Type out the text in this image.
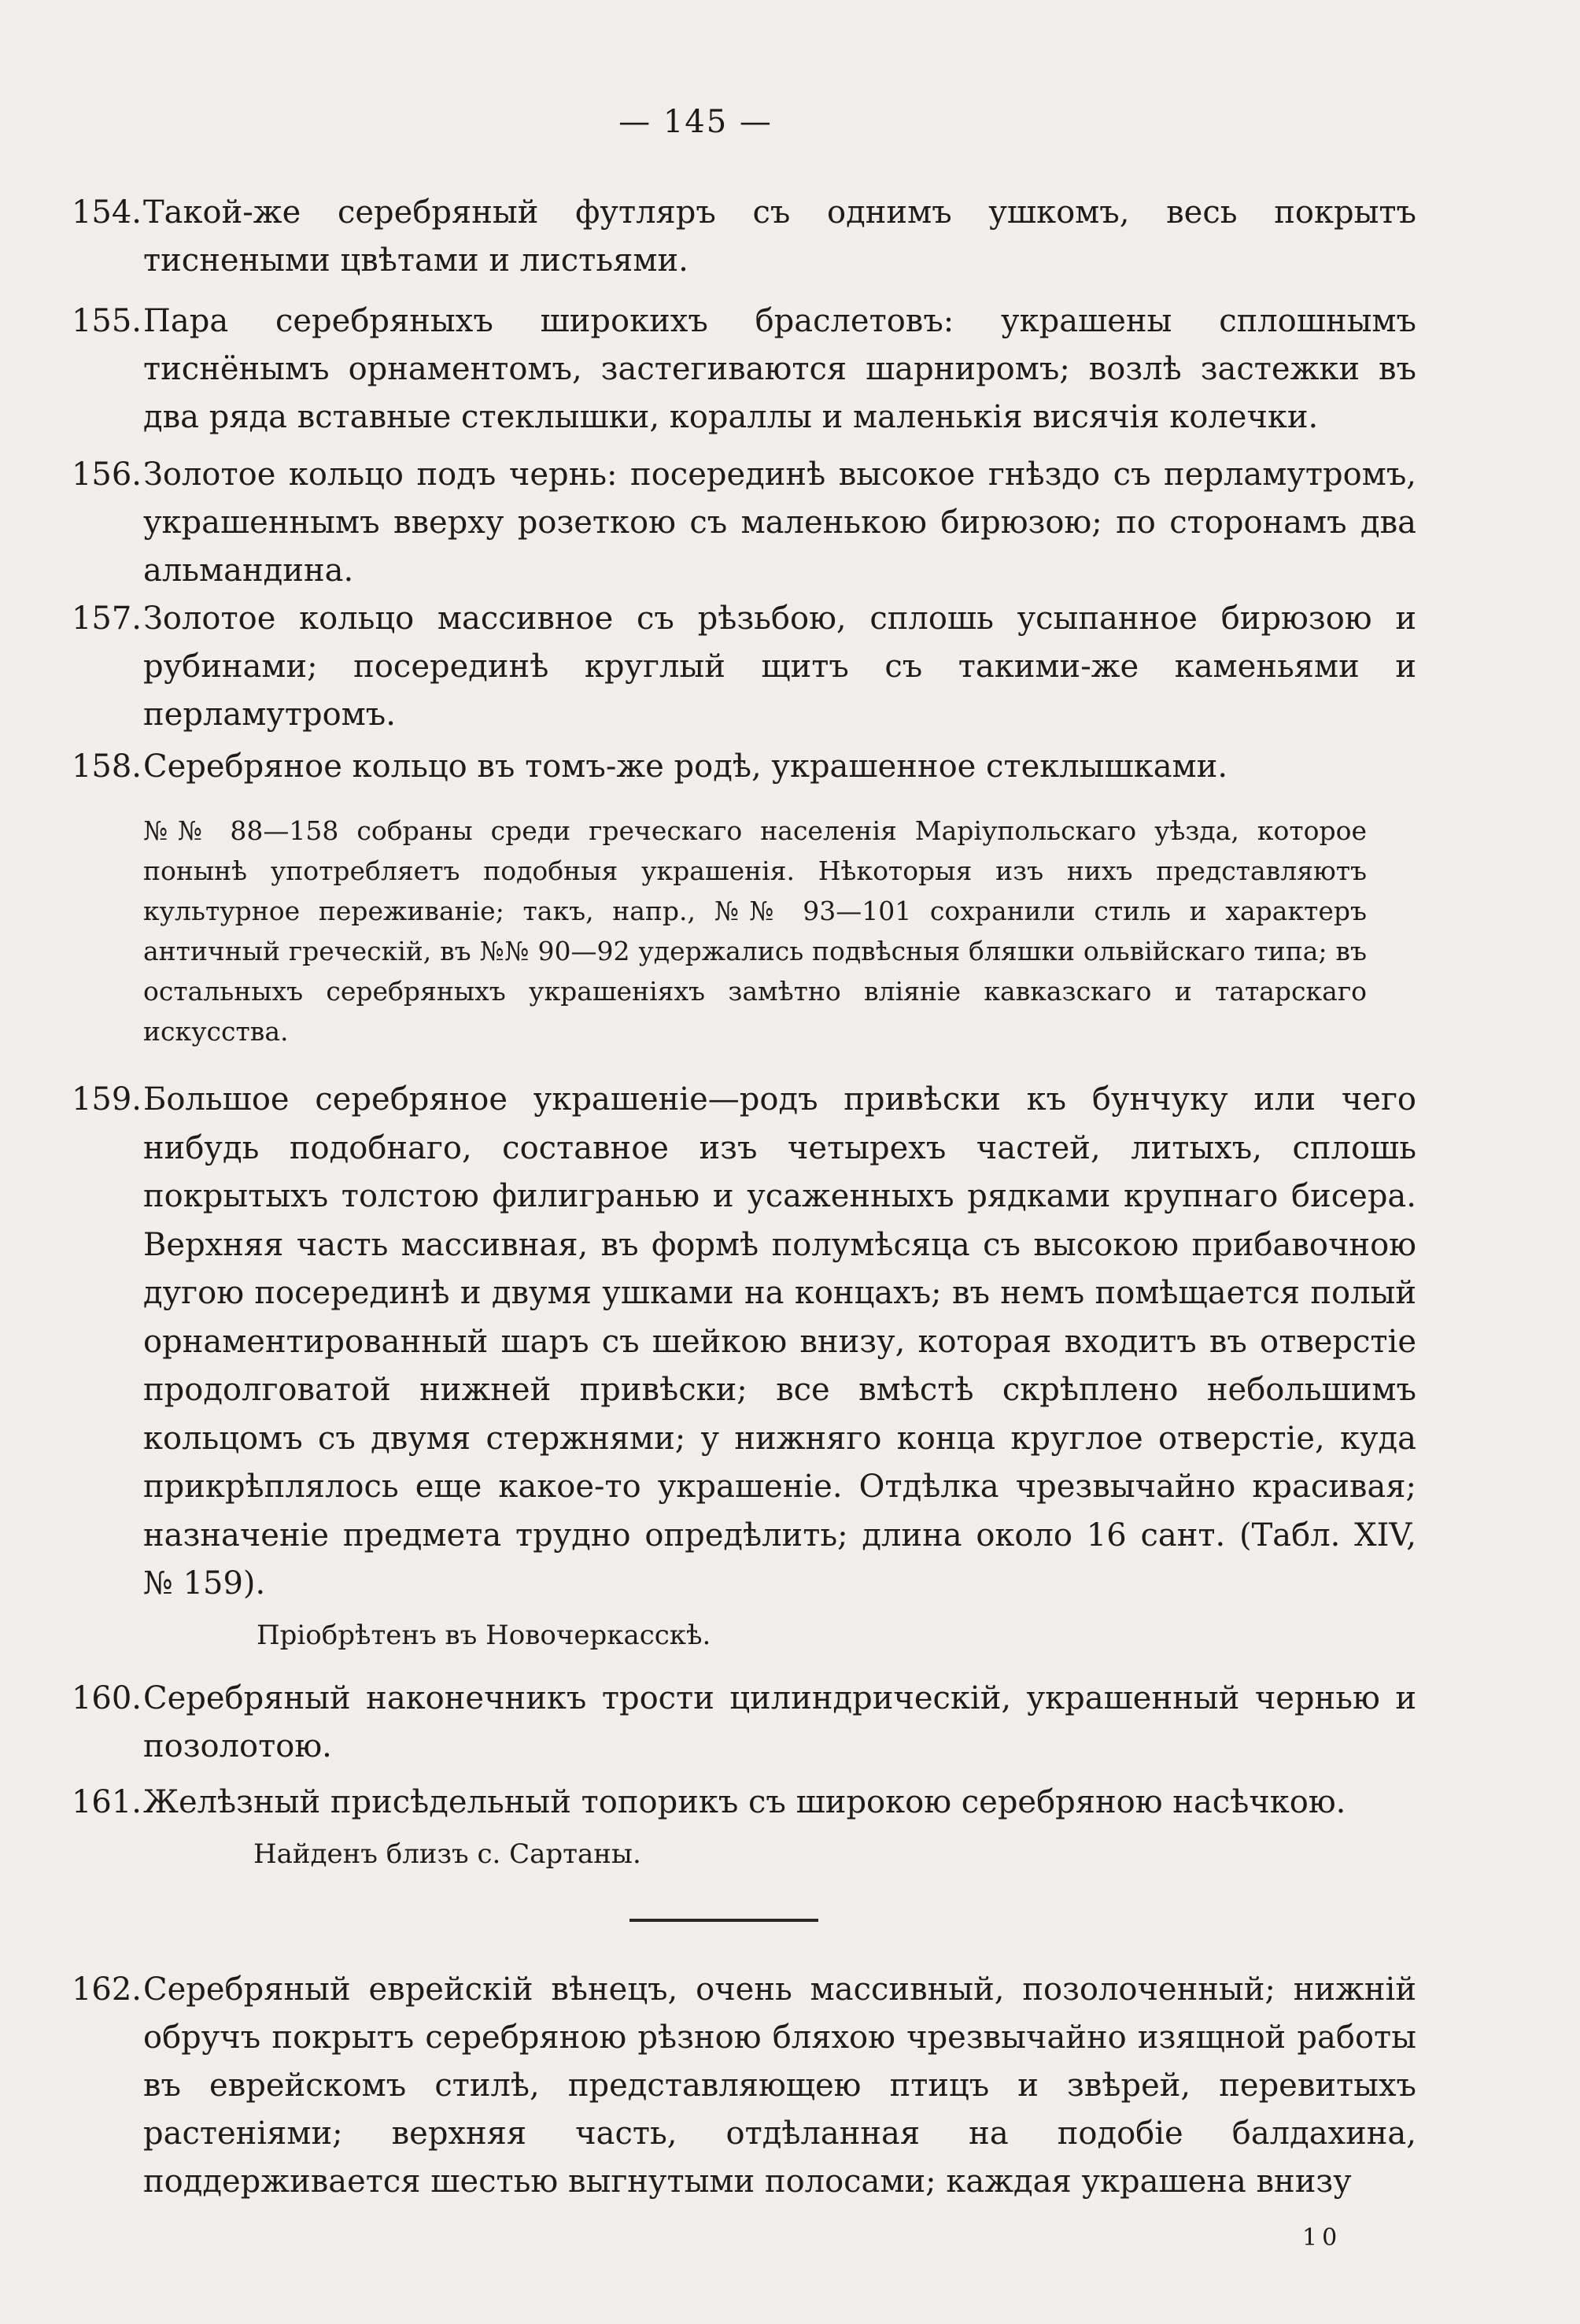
— 145 —
154. Такой-же серебряный футляръ съ однимъ ушкомъ, весь покрытъ тиснеными цвѣтами и листьями.
155. Пара серебряныхъ широкихъ браслетовъ: украшены сплошнымъ тиснёнымъ орнаментомъ, застегиваются шарниромъ; возлѣ застежки въ два ряда вставные стеклышки, кораллы и маленькія висячія колечки.
156. Золотое кольцо подъ чернь: посерединѣ высокое гнѣздо съ перламутромъ, украшеннымъ вверху розеткою съ маленькою бирюзою; по сторонамъ два альмандина.
157. Золотое кольцо массивное съ рѣзьбою, сплошь усыпанное бирюзою и рубинами; посерединѣ круглый щитъ съ такими-же каменьями и перламутромъ.
158. Серебряное кольцо въ томъ-же родѣ, украшенное стеклышками.
№№ 88—158 собраны среди греческаго населенія Маріупольскаго уѣзда, которое понынѣ употребляетъ подобныя украшенія. Нѣкоторыя изъ нихъ представляютъ культурное переживаніе; такъ, напр., №№ 93—101 сохранили стиль и характеръ античный греческій, въ №№ 90—92 удержались подвѣсныя бляшки ольвійскаго типа; въ остальныхъ серебряныхъ украшеніяхъ замѣтно вліяніе кавказскаго и татарскаго искусства.
159. Большое серебряное украшеніе—родъ привѣски къ бунчуку или чего нибудь подобнаго, составное изъ четырехъ частей, литыхъ, сплошь покрытыхъ толстою филигранью и усаженныхъ рядками крупнаго бисера. Верхняя часть массивная, въ формѣ полумѣсяца съ высокою прибавочною дугою посерединѣ и двумя ушками на концахъ; въ немъ помѣщается полый орнаментированный шаръ съ шейкою внизу, которая входитъ въ отверстіе продолговатой нижней привѣски; все вмѣстѣ скрѣплено небольшимъ кольцомъ съ двумя стержнями; у нижняго конца круглое отверстіе, куда прикрѣплялось еще какое-то украшеніе. Отдѣлка чрезвычайно красивая; назначеніе предмета трудно опредѣлить; длина около 16 сант. (Табл. XIV, № 159).
Пріобрѣтенъ въ Новочеркасскѣ.
160. Серебряный наконечникъ трости цилиндрическій, украшенный чернью и позолотою.
161. Желѣзный присѣдельный топорикъ съ широкою серебряною насѣчкою.
Найденъ близъ с. Сартаны.
162. Серебряный еврейскій вѣнецъ, очень массивный, позолоченный; нижній обручъ покрытъ серебряною рѣзною бляхою чрезвычайно изящной работы въ еврейскомъ стилѣ, представляющею птицъ и звѣрей, перевитыхъ растеніями; верхняя часть, отдѣланная на подобіе балдахина, поддерживается шестью выгнутыми полосами; каждая украшена внизу
10
